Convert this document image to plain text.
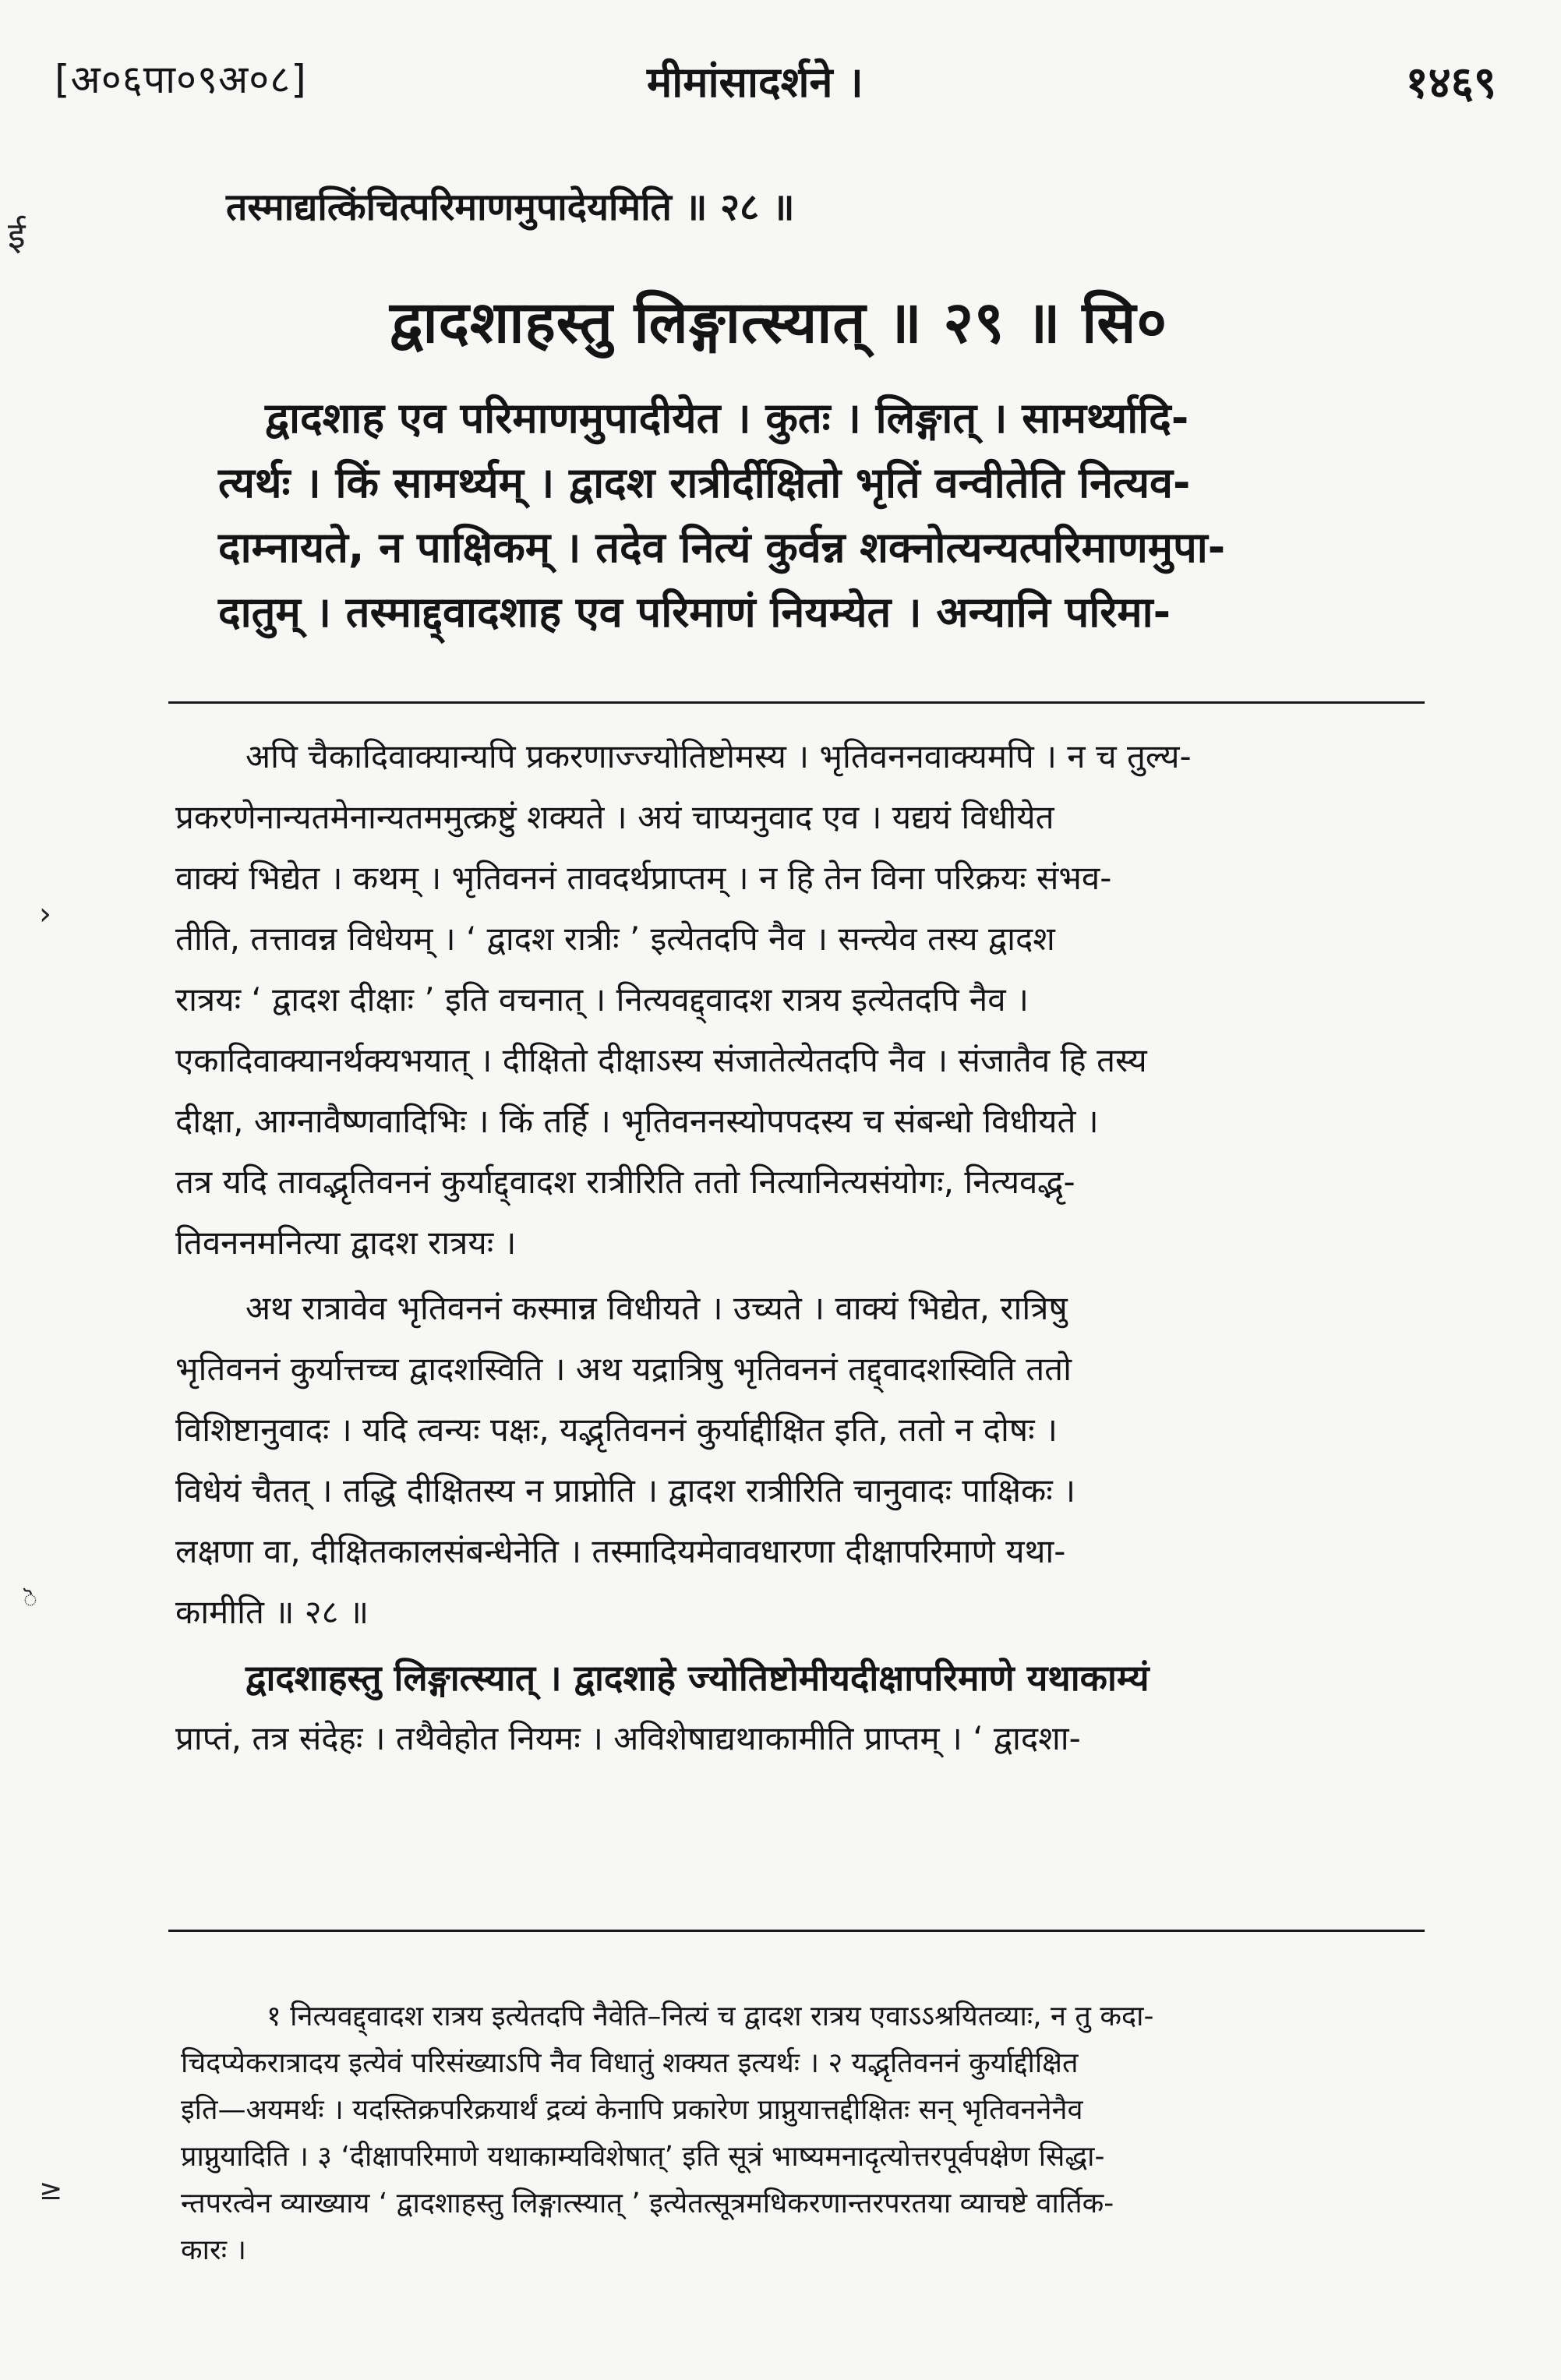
[अ०६पा०९अ०८]	मीमांसादर्शने ।	१४६९
तस्माद्यत्किंचित्परिमाणमुपादेयमिति ॥ २८ ॥
द्वादशाहस्तु लिङ्गात्स्यात् ॥ २९ ॥ सि०

द्वादशाह एव परिमाणमुपादीयेत । कुतः । लिङ्गात् । सामर्थ्यादि-

त्यर्थः । किं सामर्थ्यम् । द्वादश रात्रीर्दीक्षितो भृतिं वन्वीतेति नित्यव-

दाम्नायते, न पाक्षिकम् । तदेव नित्यं कुर्वन्न शक्नोत्यन्यत्परिमाणमुपा-

दातुम् । तस्माद्द्वादशाह एव परिमाणं नियम्येत । अन्यानि परिमा-

अपि चैकादिवाक्यान्यपि प्रकरणाज्ज्योतिष्टोमस्य । भृतिवननवाक्यमपि । न च तुल्य-

प्रकरणेनान्यतमेनान्यतममुत्क्रष्टुं शक्यते । अयं चाप्यनुवाद एव । यद्ययं विधीयेत

वाक्यं भिद्येत । कथम् । भृतिवननं तावदर्थप्राप्तम् । न हि तेन विना परिक्रयः संभव-

तीति, तत्तावन्न विधेयम् । ‘ द्वादश रात्रीः ’ इत्येतदपि नैव । सन्त्येव तस्य द्वादश

रात्रयः ‘ द्वादश दीक्षाः ’ इति वचनात् । नित्यवद्द्वादश रात्रय इत्येतदपि नैव ।

एकादिवाक्यानर्थक्यभयात् । दीक्षितो दीक्षाऽस्य संजातेत्येतदपि नैव । संजातैव हि तस्य

दीक्षा, आग्नावैष्णवादिभिः । किं तर्हि । भृतिवननस्योपपदस्य च संबन्धो विधीयते ।

तत्र यदि तावद्भृतिवननं कुर्याद्द्वादश रात्रीरिति ततो नित्यानित्यसंयोगः, नित्यवद्भृ-

तिवननमनित्या द्वादश रात्रयः ।

अथ रात्रावेव भृतिवननं कस्मान्न विधीयते । उच्यते । वाक्यं भिद्येत, रात्रिषु

भृतिवननं कुर्यात्तच्च द्वादशस्विति । अथ यद्रात्रिषु भृतिवननं तद्द्वादशस्विति ततो

विशिष्टानुवादः । यदि त्वन्यः पक्षः, यद्भृतिवननं कुर्याद्दीक्षित इति, ततो न दोषः ।

विधेयं चैतत् । तद्धि दीक्षितस्य न प्राप्नोति । द्वादश रात्रीरिति चानुवादः पाक्षिकः ।

लक्षणा वा, दीक्षितकालसंबन्धेनेति । तस्मादियमेवावधारणा दीक्षापरिमाणे यथा-

कामीति ॥ २८ ॥

द्वादशाहस्तु लिङ्गात्स्यात् । द्वादशाहे ज्योतिष्टोमीयदीक्षापरिमाणे यथाकाम्यं

प्राप्तं, तत्र संदेहः । तथैवेहोत नियमः । अविशेषाद्यथाकामीति प्राप्तम् । ‘ द्वादशा-

१ नित्यवद्द्वादश रात्रय इत्येतदपि नैवेति–नित्यं च द्वादश रात्रय एवाऽऽश्रयितव्याः, न तु कदा-

चिदप्येकरात्रादय इत्येवं परिसंख्याऽपि नैव विधातुं शक्यत इत्यर्थः । २ यद्भृतिवननं कुर्याद्दीक्षित

इति—अयमर्थः । यदस्तिक्रपरिक्रयार्थं द्रव्यं केनापि प्रकारेण प्राप्नुयात्तद्दीक्षितः सन् भृतिवननेनैव

प्राप्नुयादिति । ३ ‘दीक्षापरिमाणे यथाकाम्यविशेषात्’ इति सूत्रं भाष्यमनादृत्योत्तरपूर्वपक्षेण सिद्धा-

न्तपरत्वेन व्याख्याय ‘ द्वादशाहस्तु लिङ्गात्स्यात् ’ इत्येतत्सूत्रमधिकरणान्तरपरतया व्याचष्टे वार्तिक-

कारः ।

ई
›
ॆ
≥
